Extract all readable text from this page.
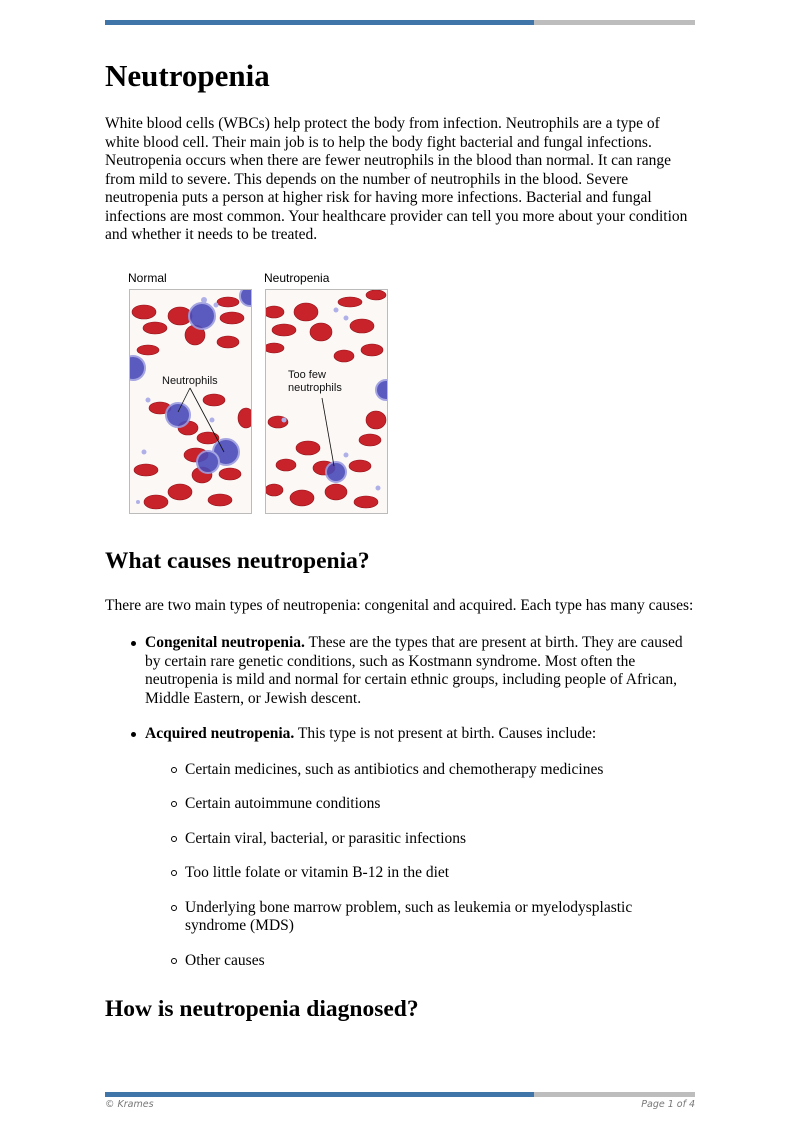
Neutropenia

White blood cells (WBCs) help protect the body from infection. Neutrophils are a type of white blood cell. Their main job is to help the body fight bacterial and fungal infections. Neutropenia occurs when there are fewer neutrophils in the blood than normal. It can range from mild to severe. This depends on the number of neutrophils in the blood. Severe neutropenia puts a person at higher risk for having more infections. Bacterial and fungal infections are most common. Your healthcare provider can tell you more about your condition and whether it needs to be treated.

Normal
Neutrophils
Neutropenia
Too few
neutrophils
What causes neutropenia?

There are two main types of neutropenia: congenital and acquired. Each type has many causes:

Congenital neutropenia. These are the types that are present at birth. They are caused by certain rare genetic conditions, such as Kostmann syndrome. Most often the neutropenia is mild and normal for certain ethnic groups, including people of African, Middle Eastern, or Jewish descent.
Acquired neutropenia. This type is not present at birth. Causes include:
Certain medicines, such as antibiotics and chemotherapy medicines
Certain autoimmune conditions
Certain viral, bacterial, or parasitic infections
Too little folate or vitamin B-12 in the diet
Underlying bone marrow problem, such as leukemia or myelodysplastic syndrome (MDS)
Other causes
How is neutropenia diagnosed?
© Krames	Page 1 of 4
